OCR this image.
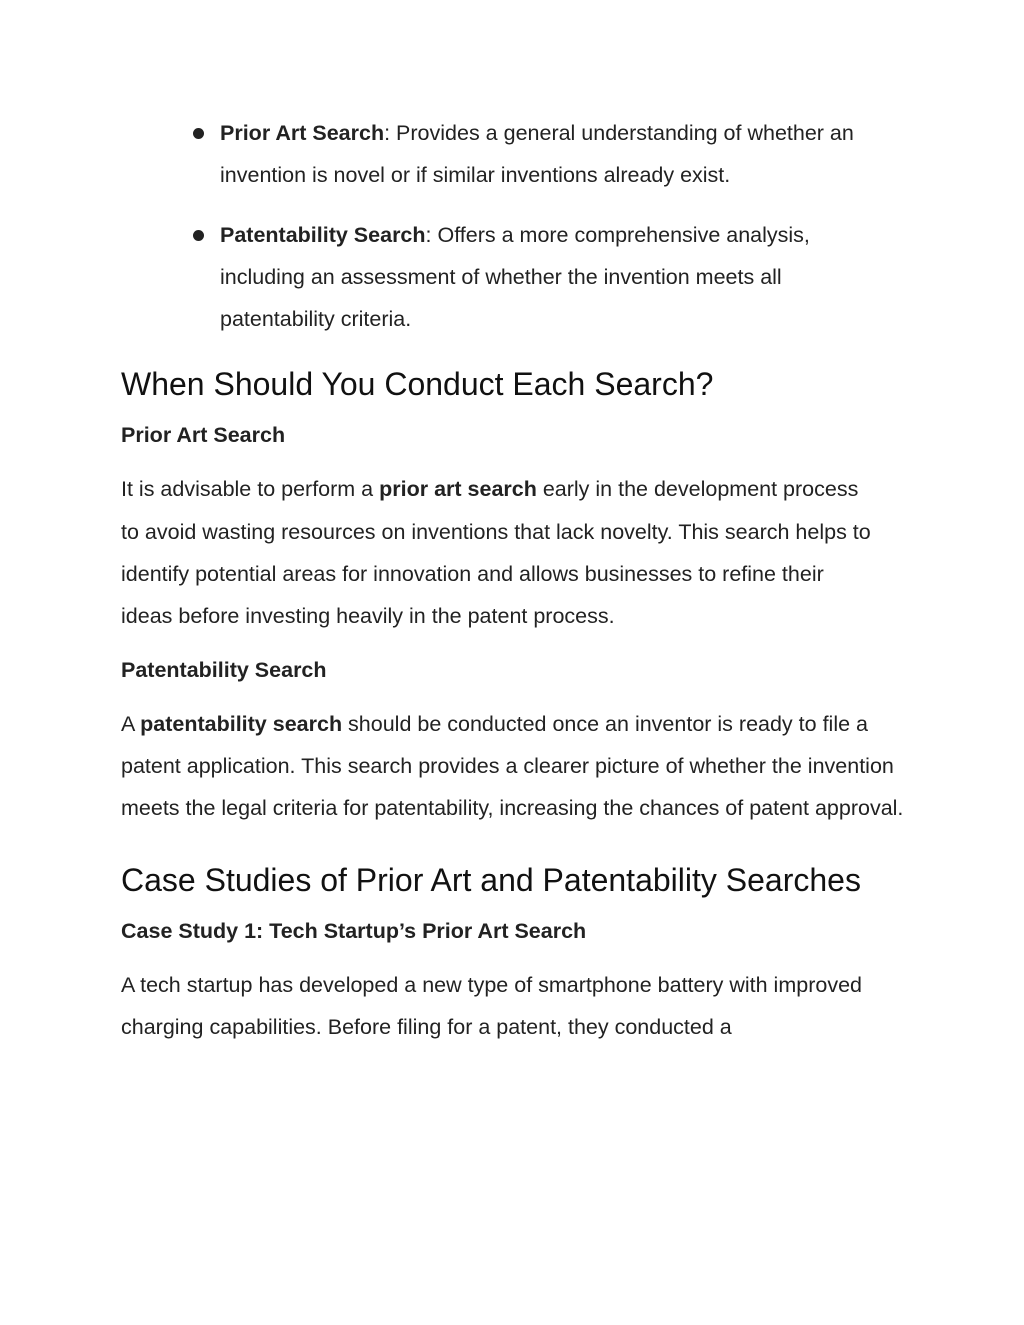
Prior Art Search: Provides a general understanding of whether an invention is novel or if similar inventions already exist.
Patentability Search: Offers a more comprehensive analysis, including an assessment of whether the invention meets all patentability criteria.
When Should You Conduct Each Search?
Prior Art Search

It is advisable to perform a prior art search early in the development process to avoid wasting resources on inventions that lack novelty. This search helps to identify potential areas for innovation and allows businesses to refine their ideas before investing heavily in the patent process.

Patentability Search

A patentability search should be conducted once an inventor is ready to file a patent application. This search provides a clearer picture of whether the invention meets the legal criteria for patentability, increasing the chances of patent approval.

Case Studies of Prior Art and Patentability Searches
Case Study 1: Tech Startup’s Prior Art Search

A tech startup has developed a new type of smartphone battery with improved charging capabilities. Before filing for a patent, they conducted a
